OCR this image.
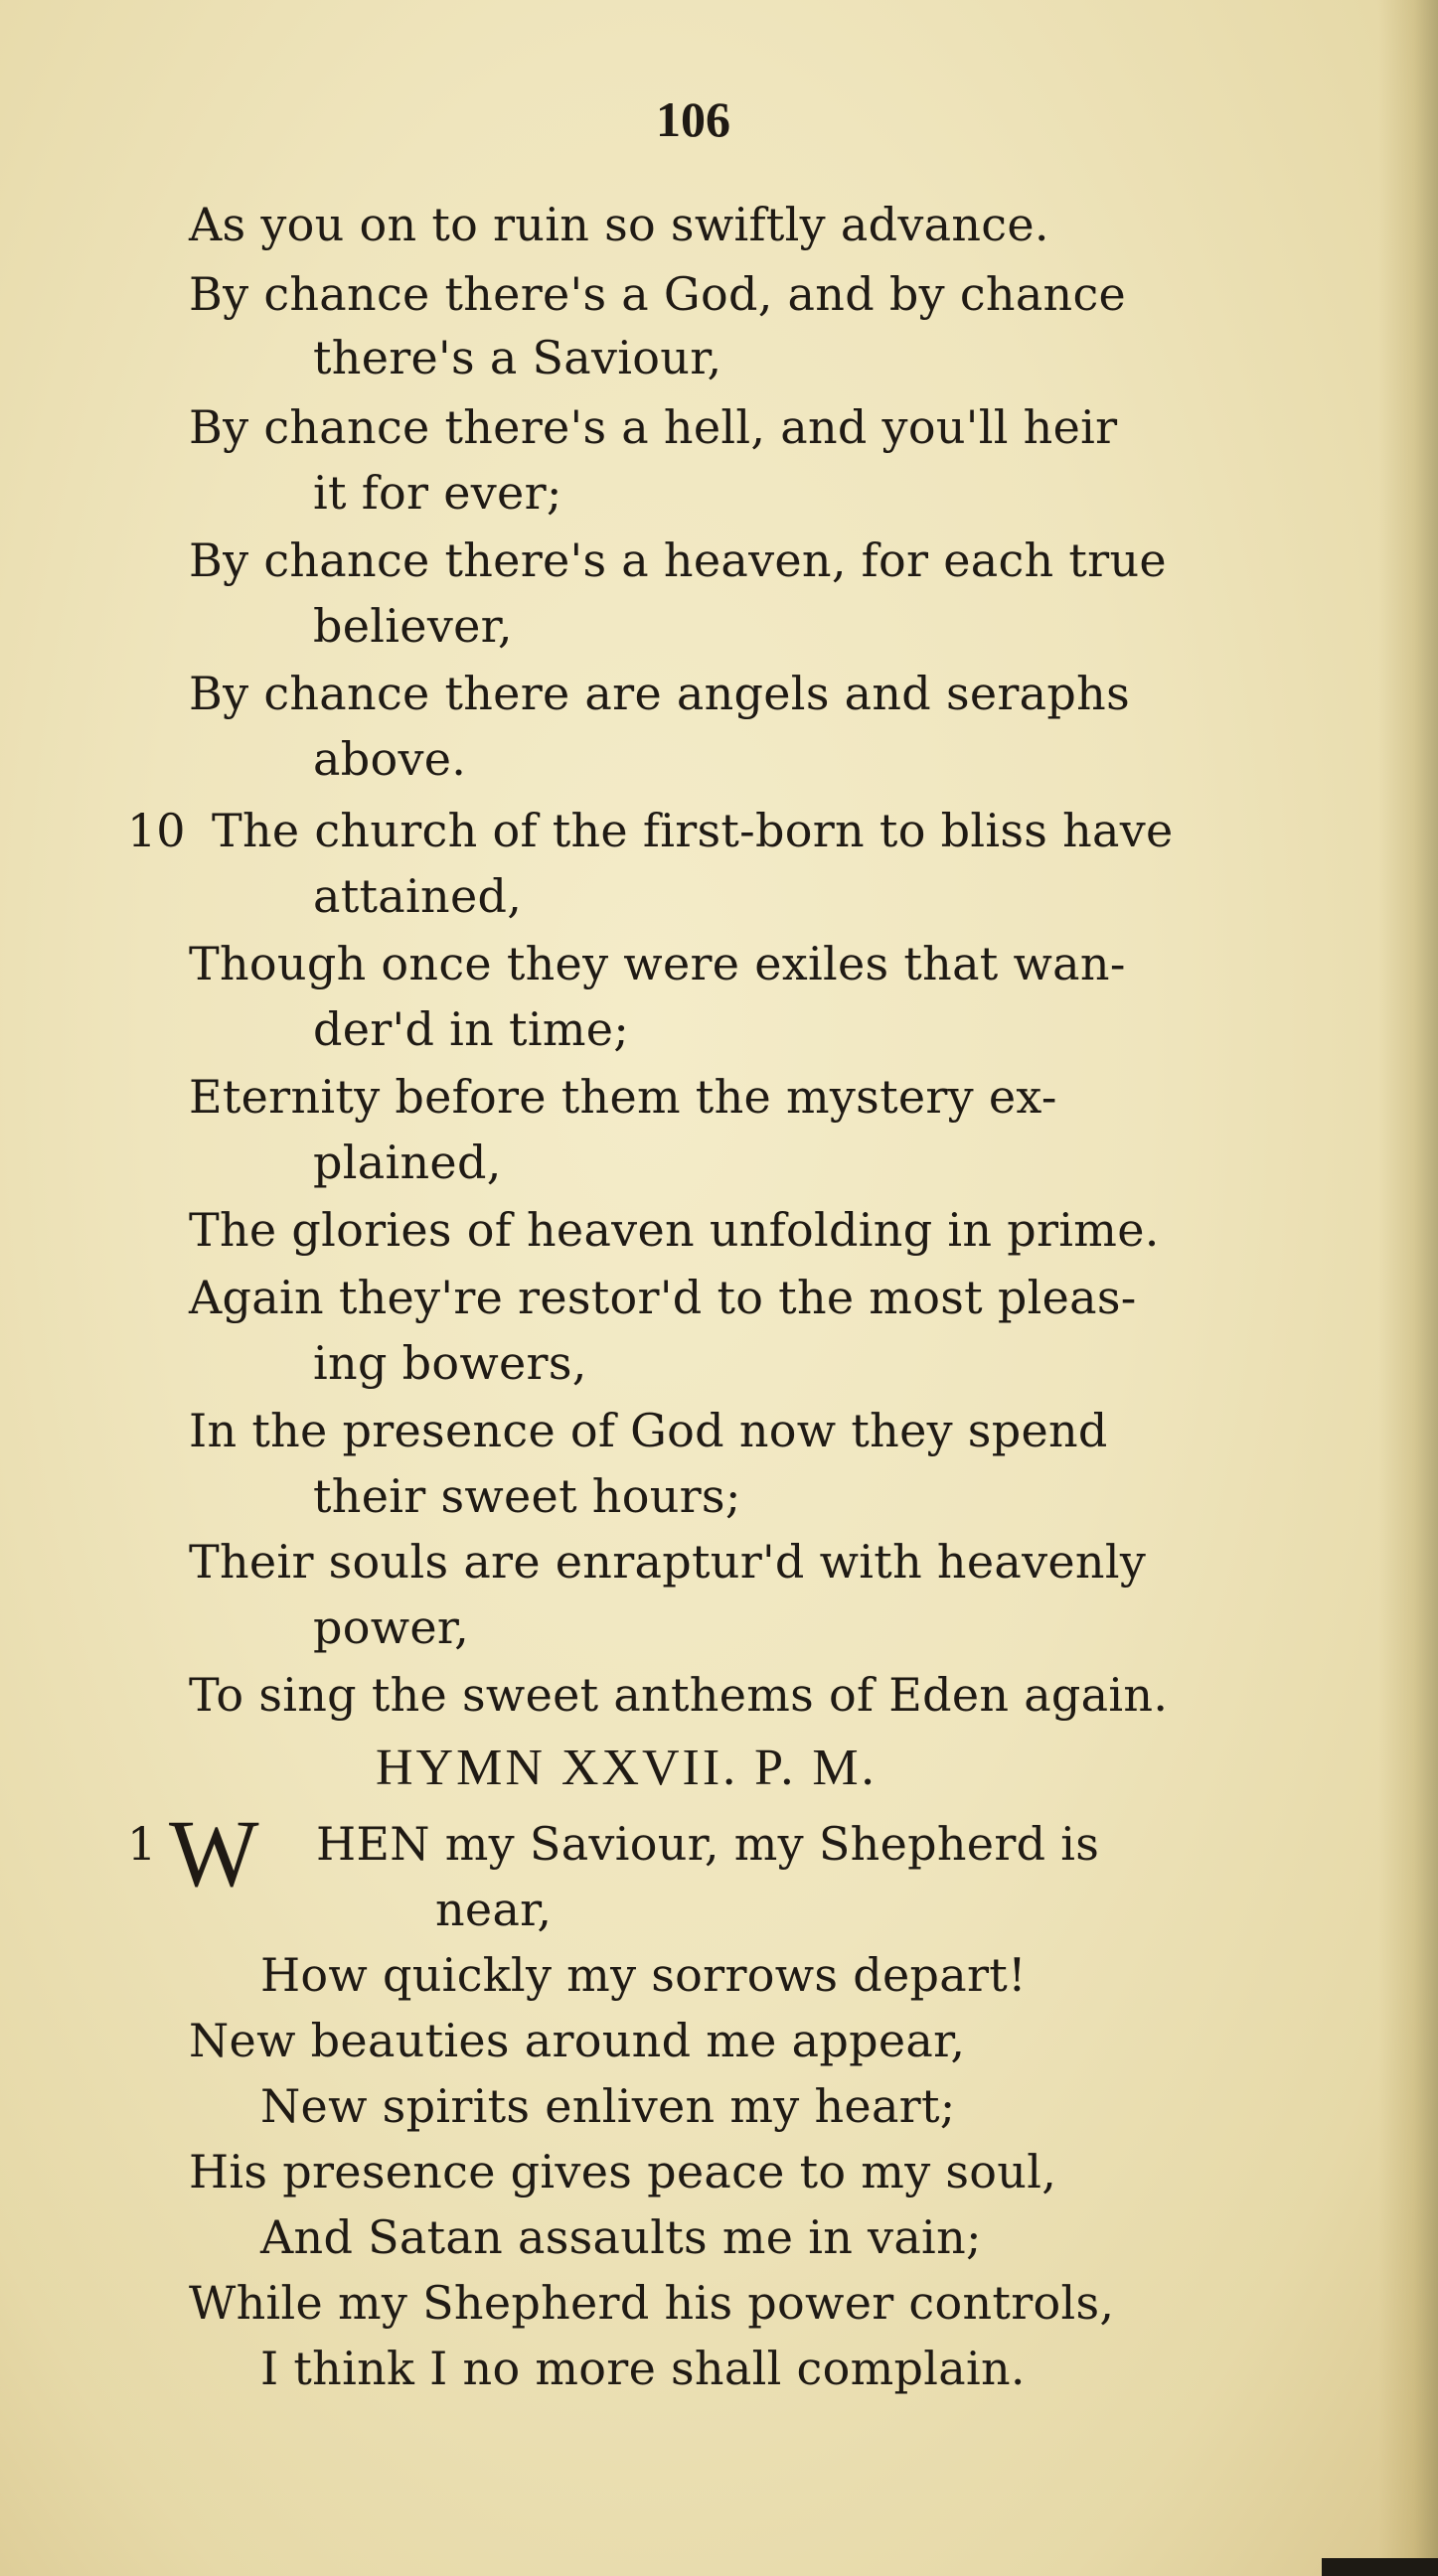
106
As you on to ruin so swiftly advance.
By chance there's a God, and by chance
there's a Saviour,
By chance there's a hell, and you'll heir
it for ever;
By chance there's a heaven, for each true
believer,
By chance there are angels and seraphs
above.
10 The church of the first-born to bliss have
attained,
Though once they were exiles that wan-
der'd in time;
Eternity before them the mystery ex-
plained,
The glories of heaven unfolding in prime.
Again they're restor'd to the most pleas-
ing bowers,
In the presence of God now they spend
their sweet hours;
Their souls are enraptur'd with heavenly
power,
To sing the sweet anthems of Eden again.
HYMN XXVII. P. M.
1 W HEN my Saviour, my Shepherd is
near,
How quickly my sorrows depart!
New beauties around me appear,
New spirits enliven my heart;
His presence gives peace to my soul,
And Satan assaults me in vain;
While my Shepherd his power controls,
I think I no more shall complain.
